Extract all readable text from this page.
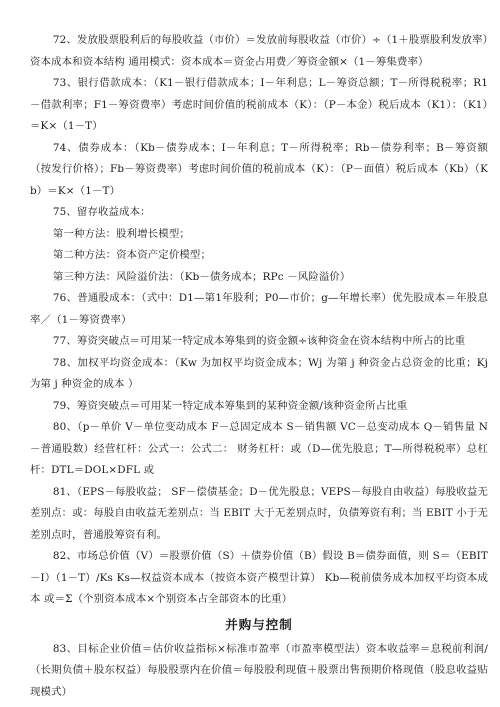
72、发放股票股利后的每股收益（市价）＝发放前每股收益（市价）÷（1＋股票股利发放率）资本成本和资本结构 通用模式：资本成本＝资金占用费／筹资金额×（1－筹集费率）

73、银行借款成本：（K1－银行借款成本；I－年利息；L－筹资总额；T－所得税税率；R1－借款利率；F1－筹资费率）考虑时间价值的税前成本（K）：（P－本金）税后成本（K1）：（K1）＝K×（1－T）

74、债券成本：（Kb－债券成本；I－年利息；T－所得税率；Rb－债券利率；B－筹资额（按发行价格）；Fb－筹资费率）考虑时间价值的税前成本（K）：（P－面值）税后成本（Kb）（Kb）＝K×（1－T）

75、留存收益成本：

第一种方法：股利增长模型；

第二种方法：资本资产定价模型；

第三种方法：风险溢价法：（Kb－债务成本；RPc －风险溢价）

76、普通股成本：（式中：D1—第1年股利；P0—市价；g—年增长率）优先股成本＝年股息率／（1－筹资费率）

77、筹资突破点＝可用某一特定成本筹集到的资金额÷该种资金在资本结构中所占的比重

78、加权平均资金成本：（Kw 为加权平均资金成本；Wj 为第 j 种资金占总资金的比重；Kj 为第 j 种资金的成本 ）

79、筹资突破点＝可用某一特定成本筹集到的某种资金额/该种资金所占比重

80、（p－单价 V－单位变动成本 F－总固定成本 S－销售额 VC－总变动成本 Q－销售量 N－普通股数）经营杠杆：公式一：公式二： 财务杠杆：或（D—优先股息；T—所得税税率）总杠杆：DTL＝DOL×DFL 或

81、（EPS－每股收益； SF－偿债基金；D－优先股息；VEPS－每股自由收益）每股收益无差别点：或：每股自由收益无差别点：当 EBIT 大于无差别点时，负债筹资有利；当 EBIT 小于无差别点时，普通股筹资有利。

82、市场总价值（V）＝股票价值（S）＋债券价值（B）假设 B＝债券面值，则 S＝（EBIT－I）（1－T）/Ks Ks—权益资本成本（按资本资产模型计算） Kb—税前债务成本加权平均资本成本 或＝Σ（个别资本成本×个别资本占全部资本的比重）

并购与控制

83、目标企业价值＝估价收益指标×标准市盈率（市盈率模型法）资本收益率＝息税前利润/（长期负债＋股东权益）每股股票内在价值＝每股股利现值＋股票出售预期价格现值（股息收益贴现模式）
